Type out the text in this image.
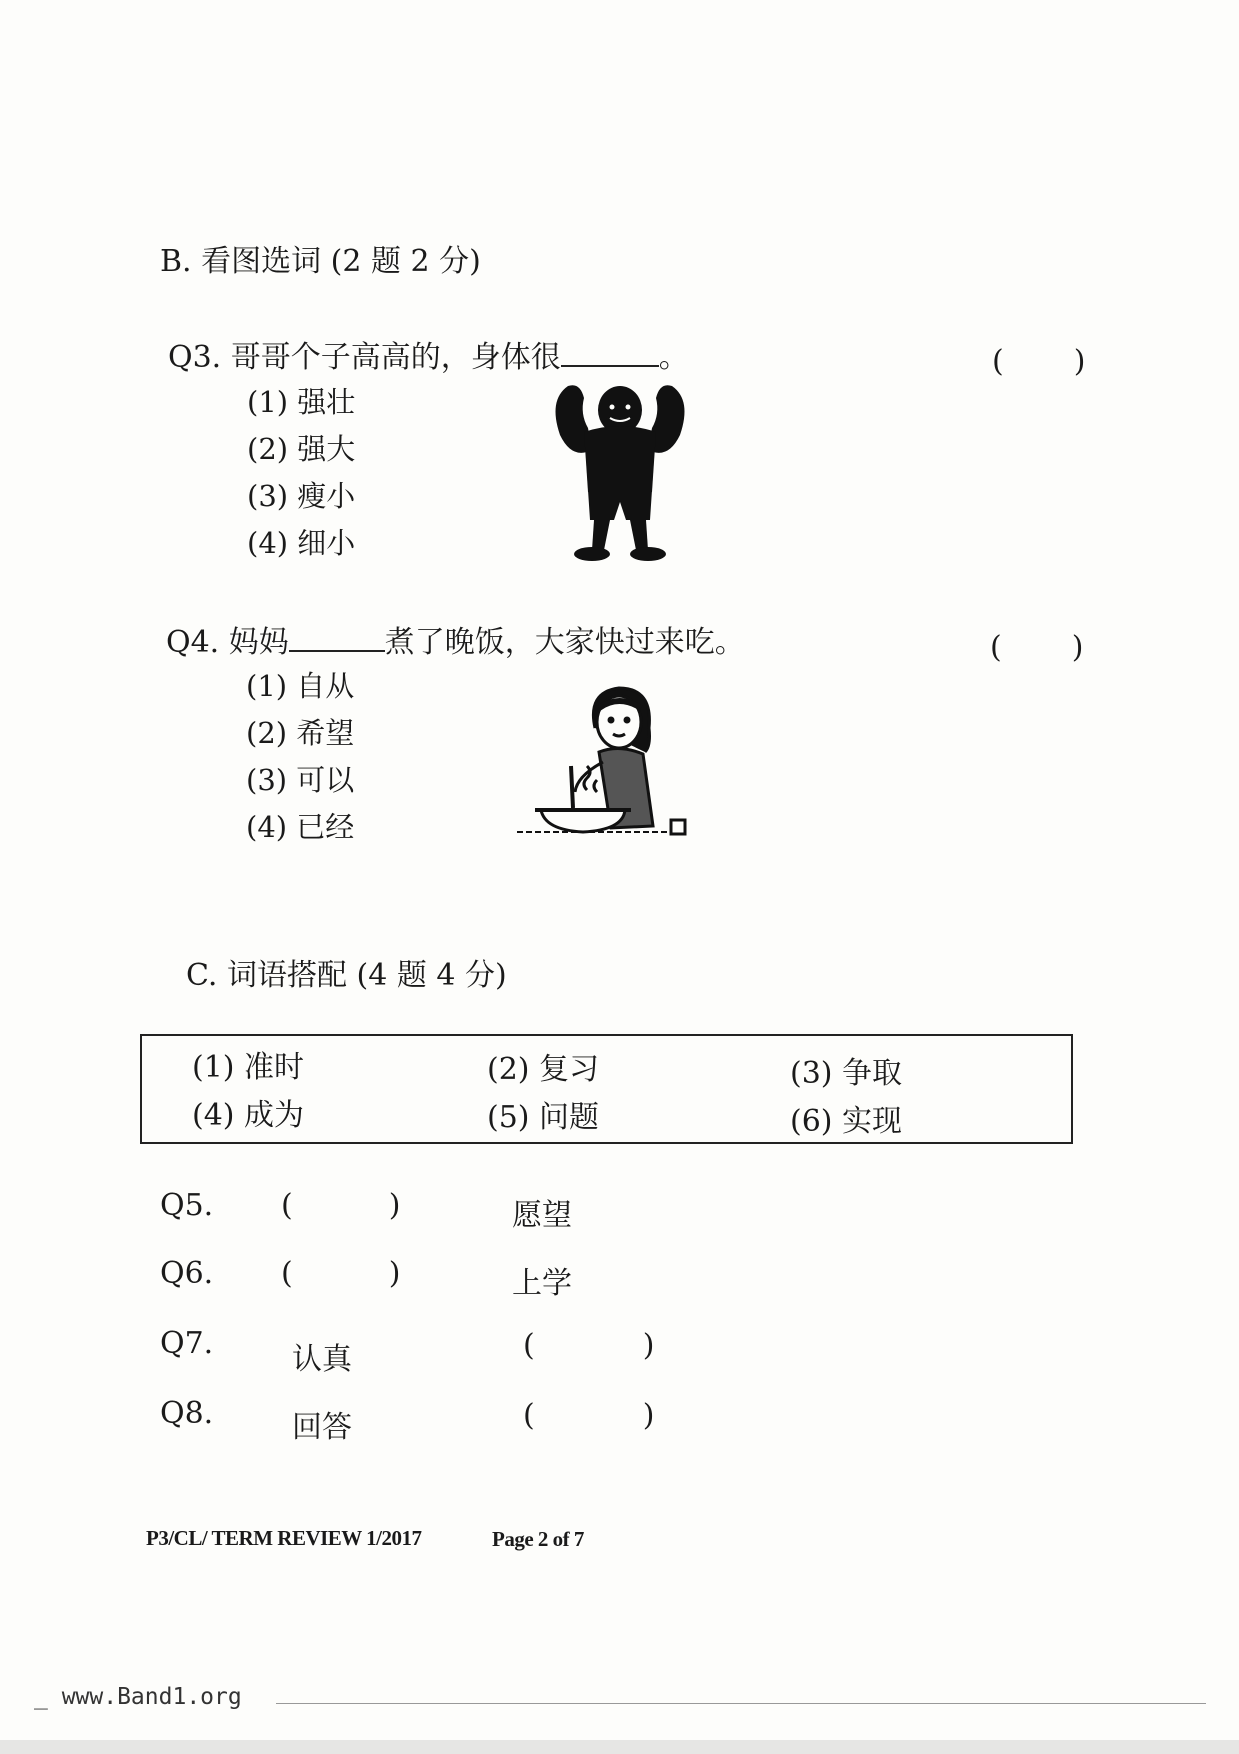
B. 看图选词 (2 题 2 分)
Q3. 哥哥个子高高的，身体很	。	( )
(1) 强壮
(2) 强大
(3) 瘦小
(4) 细小
Q4. 妈妈	煮了晚饭，大家快过来吃。	( )
(1) 自从
(2) 希望
(3) 可以
(4) 已经
C. 词语搭配 (4 题 4 分)
(1) 准时	(2) 复习	(3) 争取
(4) 成为	(5) 问题	(6) 实现
Q5. (	)	愿望
Q6. (	)	上学
Q7.	认真	(	)
Q8.	回答	(	)
P3/CL/ TERM REVIEW 1/2017	Page 2 of 7
_ www.Band1.org
